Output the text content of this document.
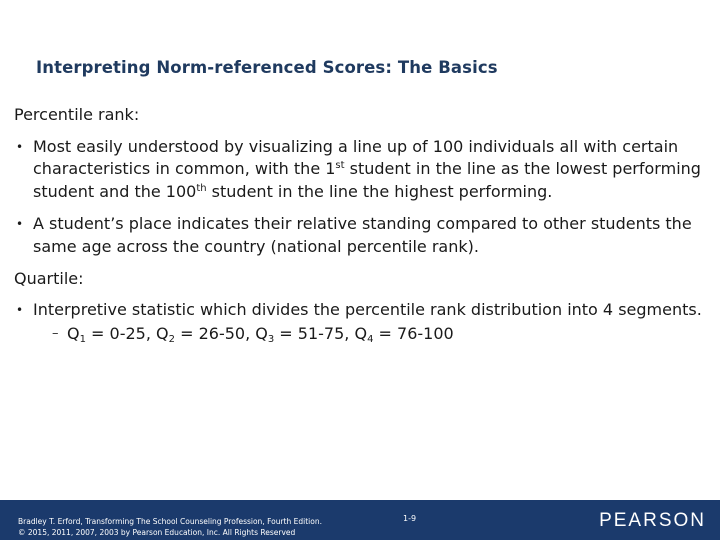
Interpreting Norm-referenced Scores: The Basics

Percentile rank:

• Most easily understood by visualizing a line up of 100 individuals all with certain characteristics in common, with the 1st student in the line as the lowest performing student and the 100th student in the line the highest performing.

• A student’s place indicates their relative standing compared to other students the same age across the country (national percentile rank).

Quartile:

• Interpretive statistic which divides the percentile rank distribution into 4 segments.
– $Q_1 = 0-25$, $Q_2 = 26-50$, $Q_3 = 51-75$, $Q_4 = 76-100$
Bradley T. Erford, Transforming The School Counseling Profession, Fourth Edition.
© 2015, 2011, 2007, 2003 by Pearson Education, Inc. All Rights Reserved
1-9	PEARSON
